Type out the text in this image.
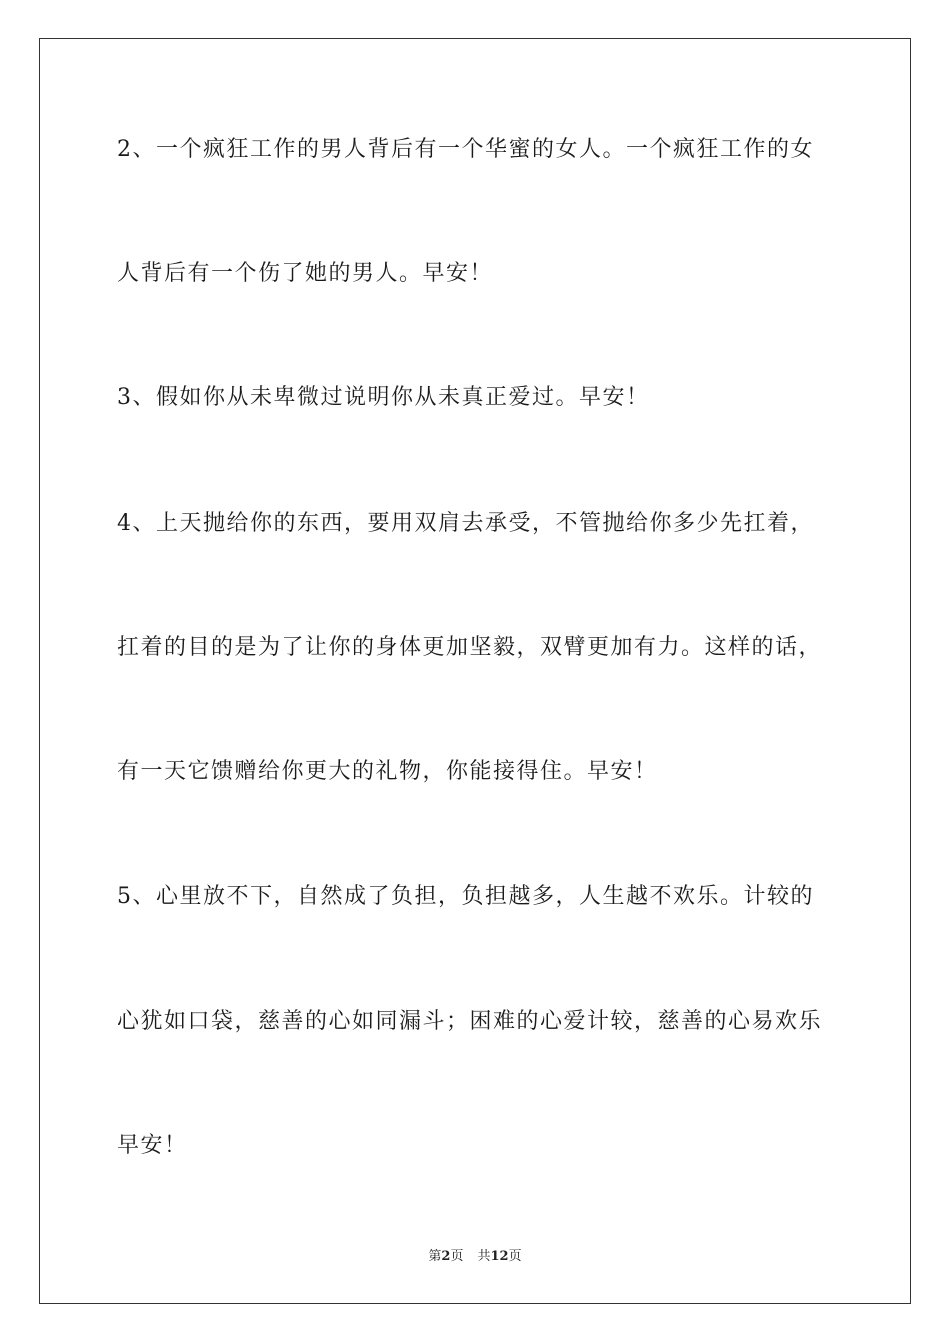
2、一个疯狂工作的男人背后有一个华蜜的女人。一个疯狂工作的女
人背后有一个伤了她的男人。早安！
3、假如你从未卑微过说明你从未真正爱过。早安！
4、上天抛给你的东西，要用双肩去承受，不管抛给你多少先扛着，
扛着的目的是为了让你的身体更加坚毅，双臂更加有力。这样的话，
有一天它馈赠给你更大的礼物，你能接得住。早安！
5、心里放不下，自然成了负担，负担越多，人生越不欢乐。计较的
心犹如口袋，慈善的心如同漏斗；困难的心爱计较，慈善的心易欢乐
早安！
第2页 共12页
